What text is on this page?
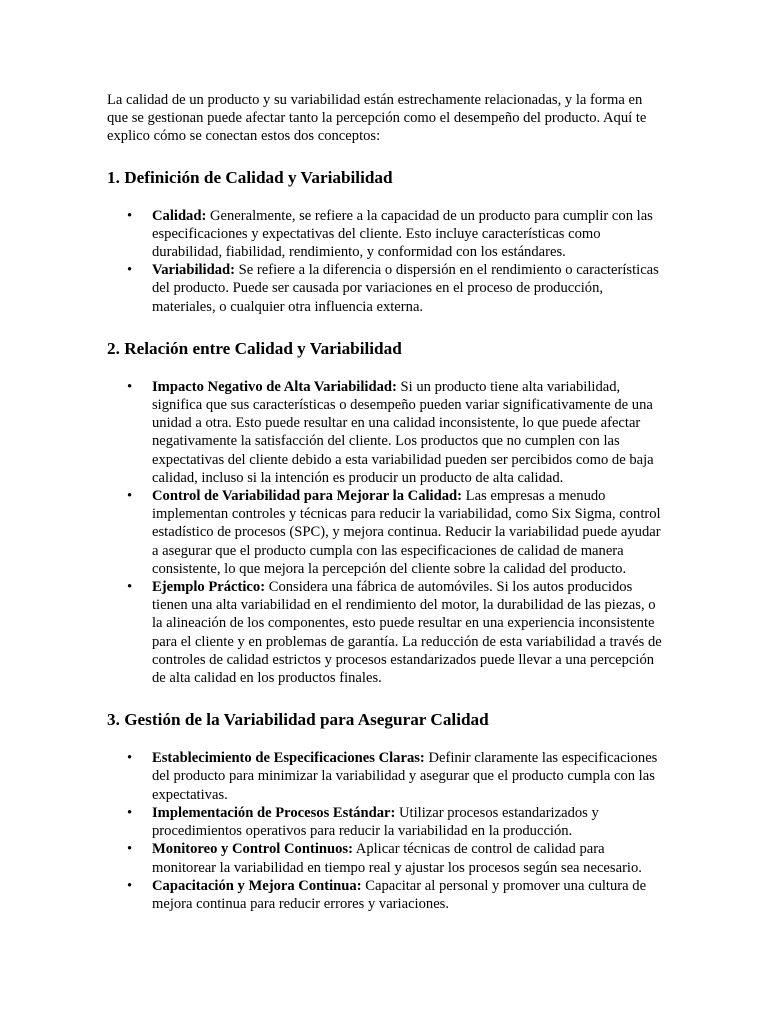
La calidad de un producto y su variabilidad están estrechamente relacionadas, y la forma en que se gestionan puede afectar tanto la percepción como el desempeño del producto. Aquí te explico cómo se conectan estos dos conceptos:

1. Definición de Calidad y Variabilidad
• Calidad: Generalmente, se refiere a la capacidad de un producto para cumplir con las especificaciones y expectativas del cliente. Esto incluye características como durabilidad, fiabilidad, rendimiento, y conformidad con los estándares.
• Variabilidad: Se refiere a la diferencia o dispersión en el rendimiento o características del producto. Puede ser causada por variaciones en el proceso de producción, materiales, o cualquier otra influencia externa.
2. Relación entre Calidad y Variabilidad
• Impacto Negativo de Alta Variabilidad: Si un producto tiene alta variabilidad, significa que sus características o desempeño pueden variar significativamente de una unidad a otra. Esto puede resultar en una calidad inconsistente, lo que puede afectar negativamente la satisfacción del cliente. Los productos que no cumplen con las expectativas del cliente debido a esta variabilidad pueden ser percibidos como de baja calidad, incluso si la intención es producir un producto de alta calidad.
• Control de Variabilidad para Mejorar la Calidad: Las empresas a menudo implementan controles y técnicas para reducir la variabilidad, como Six Sigma, control estadístico de procesos (SPC), y mejora continua. Reducir la variabilidad puede ayudar a asegurar que el producto cumpla con las especificaciones de calidad de manera consistente, lo que mejora la percepción del cliente sobre la calidad del producto.
• Ejemplo Práctico: Considera una fábrica de automóviles. Si los autos producidos tienen una alta variabilidad en el rendimiento del motor, la durabilidad de las piezas, o la alineación de los componentes, esto puede resultar en una experiencia inconsistente para el cliente y en problemas de garantía. La reducción de esta variabilidad a través de controles de calidad estrictos y procesos estandarizados puede llevar a una percepción de alta calidad en los productos finales.
3. Gestión de la Variabilidad para Asegurar Calidad
• Establecimiento de Especificaciones Claras: Definir claramente las especificaciones del producto para minimizar la variabilidad y asegurar que el producto cumpla con las expectativas.
• Implementación de Procesos Estándar: Utilizar procesos estandarizados y procedimientos operativos para reducir la variabilidad en la producción.
• Monitoreo y Control Continuos: Aplicar técnicas de control de calidad para monitorear la variabilidad en tiempo real y ajustar los procesos según sea necesario.
• Capacitación y Mejora Continua: Capacitar al personal y promover una cultura de mejora continua para reducir errores y variaciones.
